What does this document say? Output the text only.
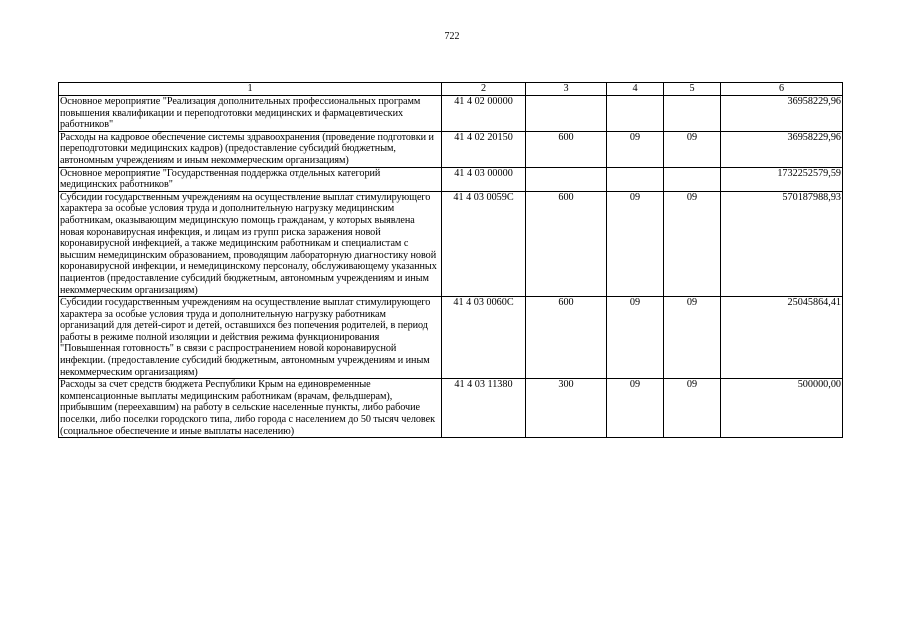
722
1	2	3	4	5	6
Основное мероприятие "Реализация дополнительных профессиональных программ повышения квалификации и переподготовки медицинских и фармацевтических работников"	41 4 02 00000				36958229,96
Расходы на кадровое обеспечение системы здравоохранения (проведение подготовки и переподготовки медицинских кадров) (предоставление субсидий бюджетным, автономным учреждениям и иным некоммерческим организациям)	41 4 02 20150	600	09	09	36958229,96
Основное мероприятие "Государственная поддержка отдельных категорий медицинских работников"	41 4 03 00000				1732252579,59
Субсидии государственным учреждениям на осуществление выплат стимулирующего характера за особые условия труда и дополнительную нагрузку медицинским работникам, оказывающим медицинскую помощь гражданам, у которых выявлена новая коронавирусная инфекция, и лицам из групп риска заражения новой коронавирусной инфекцией, а также медицинским работникам и специалистам с высшим немедицинским образованием, проводящим лабораторную диагностику новой коронавирусной инфекции, и немедицинскому персоналу, обслуживающему указанных пациентов (предоставление субсидий бюджетным, автономным учреждениям и иным некоммерческим организациям)	41 4 03 0059С	600	09	09	570187988,93
Субсидии государственным учреждениям на осуществление выплат стимулирующего характера за особые условия труда и дополнительную нагрузку работникам организаций для детей-сирот и детей, оставшихся без попечения родителей, в период работы в режиме полной изоляции и действия режима функционирования "Повышенная готовность" в связи с распространением новой коронавирусной инфекции. (предоставление субсидий бюджетным, автономным учреждениям и иным некоммерческим организациям)	41 4 03 0060С	600	09	09	25045864,41
Расходы за счет средств бюджета Республики Крым на единовременные компенсационные выплаты медицинским работникам (врачам, фельдшерам), прибывшим (переехавшим) на работу в сельские населенные пункты, либо рабочие поселки, либо поселки городского типа, либо города с населением до 50 тысяч человек (социальное обеспечение и иные выплаты населению)	41 4 03 11380	300	09	09	500000,00
